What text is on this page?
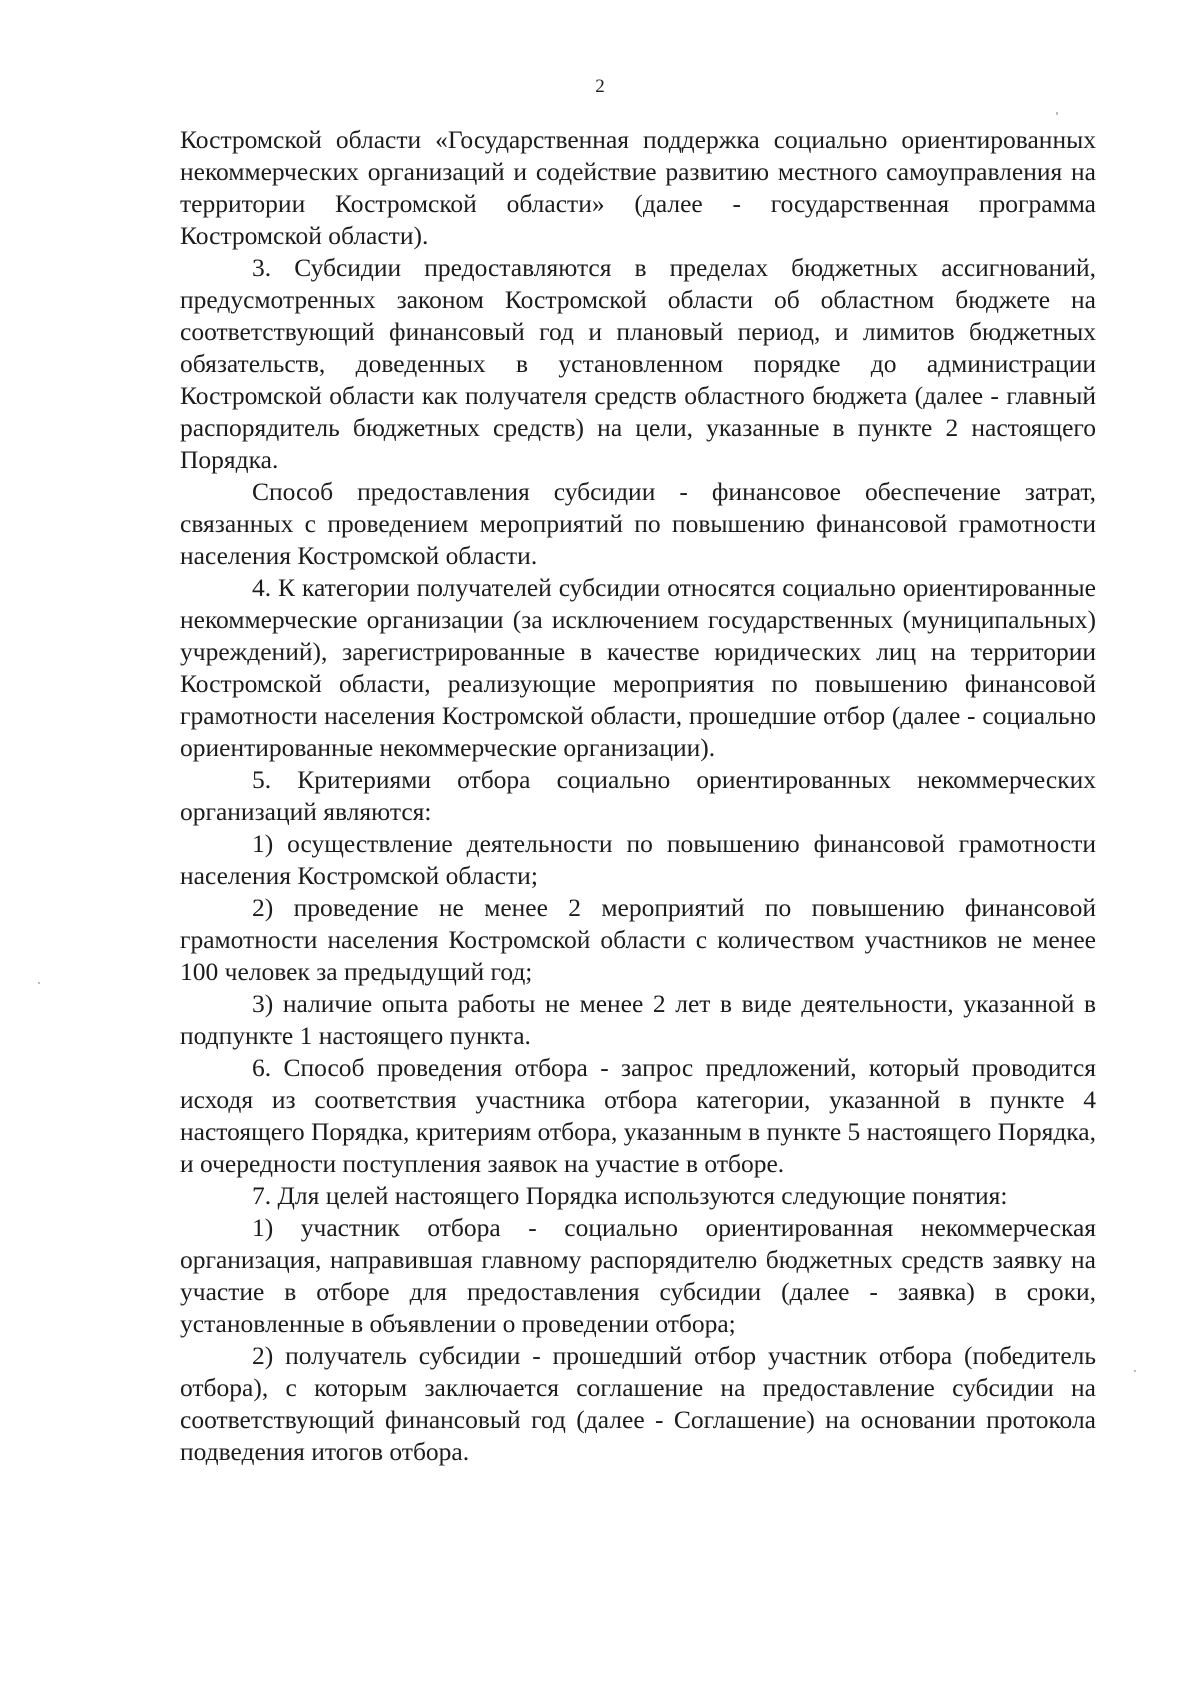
2

Костромской области «Государственная поддержка социально ориентированных некоммерческих организаций и содействие развитию местного самоуправления на территории Костромской области» (далее - государственная программа Костромской области).

3. Субсидии предоставляются в пределах бюджетных ассигнований, предусмотренных законом Костромской области об областном бюджете на соответствующий финансовый год и плановый период, и лимитов бюджетных обязательств, доведенных в установленном порядке до администрации Костромской области как получателя средств областного бюджета (далее - главный распорядитель бюджетных средств) на цели, указанные в пункте 2 настоящего Порядка.

Способ предоставления субсидии - финансовое обеспечение затрат, связанных с проведением мероприятий по повышению финансовой грамотности населения Костромской области.

4. К категории получателей субсидии относятся социально ориентированные некоммерческие организации (за исключением государственных (муниципальных) учреждений), зарегистрированные в качестве юридических лиц на территории Костромской области, реализующие мероприятия по повышению финансовой грамотности населения Костромской области, прошедшие отбор (далее - социально ориентированные некоммерческие организации).

5. Критериями отбора социально ориентированных некоммерческих организаций являются:

1) осуществление деятельности по повышению финансовой грамотности населения Костромской области;

2) проведение не менее 2 мероприятий по повышению финансовой грамотности населения Костромской области с количеством участников не менее 100 человек за предыдущий год;

3) наличие опыта работы не менее 2 лет в виде деятельности, указанной в подпункте 1 настоящего пункта.

6. Способ проведения отбора - запрос предложений, который проводится исходя из соответствия участника отбора категории, указанной в пункте 4 настоящего Порядка, критериям отбора, указанным в пункте 5 настоящего Порядка, и очередности поступления заявок на участие в отборе.

7. Для целей настоящего Порядка используются следующие понятия:

1) участник отбора - социально ориентированная некоммерческая организация, направившая главному распорядителю бюджетных средств заявку на участие в отборе для предоставления субсидии (далее - заявка) в сроки, установленные в объявлении о проведении отбора;

2) получатель субсидии - прошедший отбор участник отбора (победитель отбора), с которым заключается соглашение на предоставление субсидии на соответствующий финансовый год (далее - Соглашение) на основании протокола подведения итогов отбора.
